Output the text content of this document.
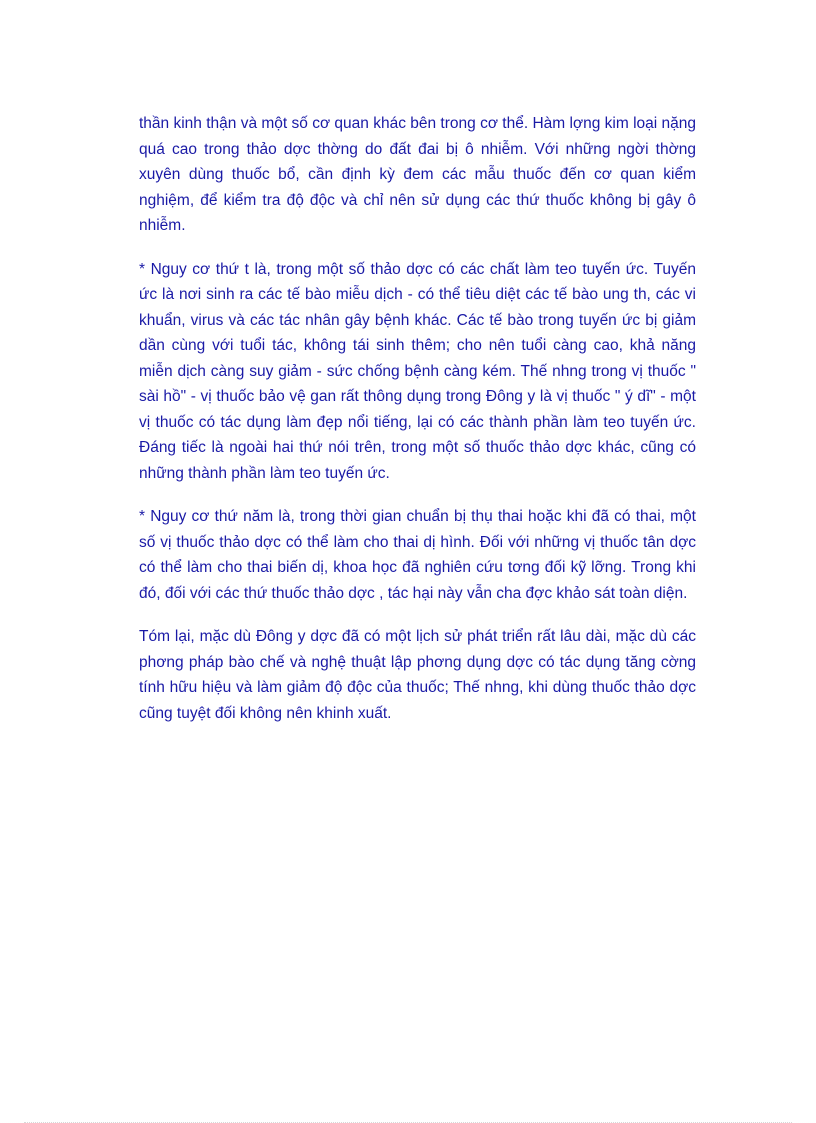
thần kinh thận và một số cơ quan khác bên trong cơ thể. Hàm lợng kim loại nặng quá cao trong thảo dợc thờng do đất đai bị ô nhiễm. Với những ngời thờng xuyên dùng thuốc bổ, cần định kỳ đem các mẫu thuốc đến cơ quan kiểm nghiệm, để kiểm tra độ độc và chỉ nên sử dụng các thứ thuốc không bị gây ô nhiễm.

* Nguy cơ thứ t là, trong một số thảo dợc có các chất làm teo tuyến ức. Tuyến ức là nơi sinh ra các tế bào miễu dịch - có thể tiêu diệt các tế bào ung th, các vi khuẩn, virus và các tác nhân gây bệnh khác. Các tế bào trong tuyến ức bị giảm dần cùng với tuổi tác, không tái sinh thêm; cho nên tuổi càng cao, khả năng miễn dịch càng suy giảm - sức chống bệnh càng kém. Thế nhng trong vị thuốc " sài hồ" - vị thuốc bảo vệ gan rất thông dụng trong Đông y là vị thuốc " ý dĩ" - một vị thuốc có tác dụng làm đẹp nổi tiếng, lại có các thành phần làm teo tuyến ức. Đáng tiếc là ngoài hai thứ nói trên, trong một số thuốc thảo dợc khác, cũng có những thành phần làm teo tuyến ức.

* Nguy cơ thứ năm là, trong thời gian chuẩn bị thụ thai hoặc khi đã có thai, một số vị thuốc thảo dợc có thể làm cho thai dị hình. Đối với những vị thuốc tân dợc có thể làm cho thai biến dị, khoa học đã nghiên cứu tơng đối kỹ lỡng. Trong khi đó, đối với các thứ thuốc thảo dợc , tác hại này vẫn cha đợc khảo sát toàn diện.

Tóm lại, mặc dù Đông y dợc đã có một lịch sử phát triển rất lâu dài, mặc dù các phơng pháp bào chế và nghệ thuật lập phơng dụng dợc có tác dụng tăng cờng tính hữu hiệu và làm giảm độ độc của thuốc; Thế nhng, khi dùng thuốc thảo dợc cũng tuyệt đối không nên khinh xuất.
